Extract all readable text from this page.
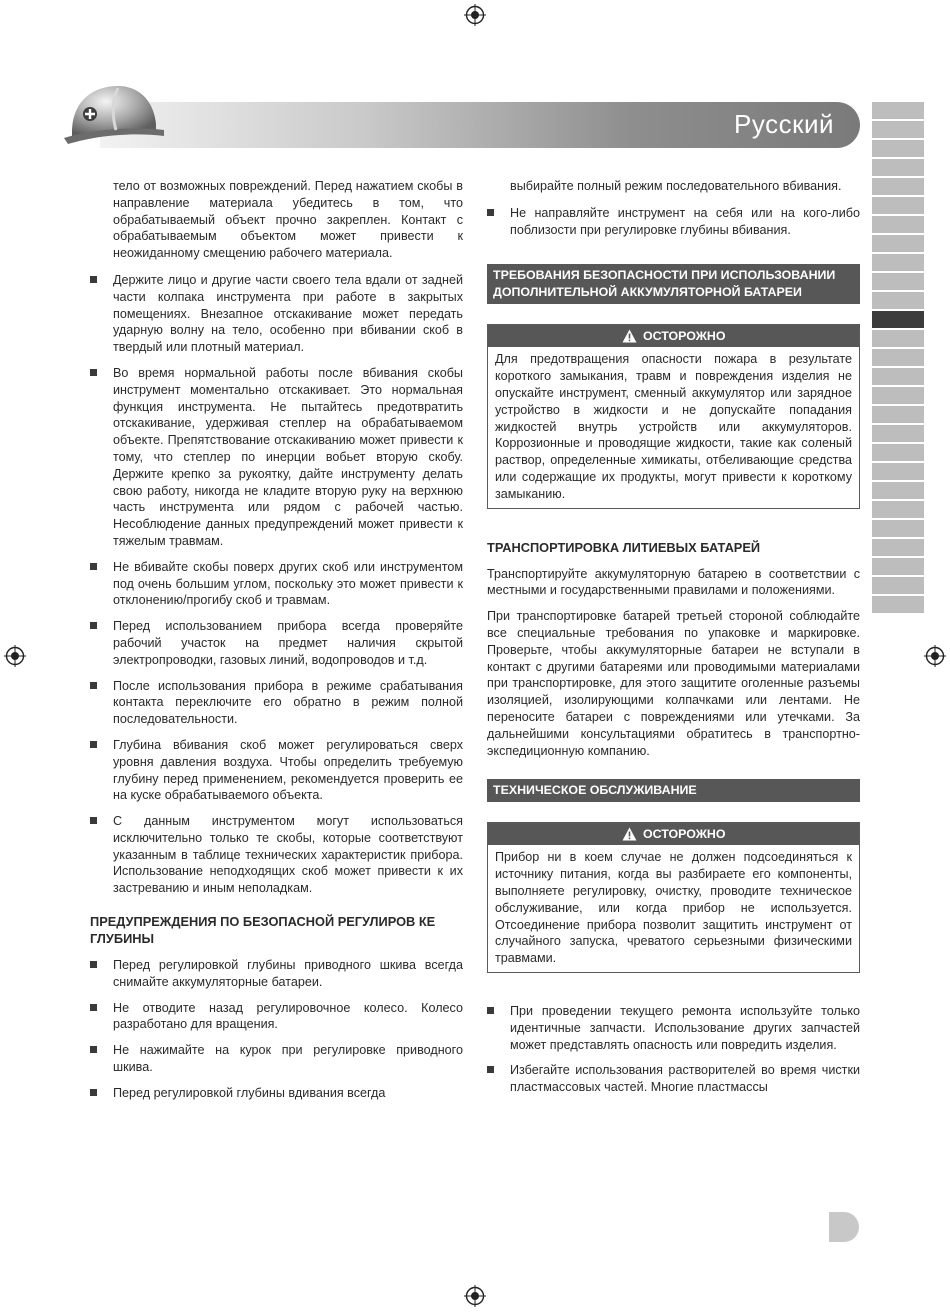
Русский

тело от возможных повреждений. Перед нажатием скобы в направление материала убедитесь в том, что обрабатываемый объект прочно закреплен. Контакт с обрабатываемым объектом может привести к неожиданному смещению рабочего материала.

Держите лицо и другие части своего тела вдали от задней части колпака инструмента при работе в закрытых помещениях. Внезапное отскакивание может передать ударную волну на тело, особенно при вбивании скоб в твердый или плотный материал.
Во время нормальной работы после вбивания скобы инструмент моментально отскакивает. Это нормальная функция инструмента. Не пытайтесь предотвратить отскакивание, удерживая степлер на обрабатываемом объекте. Препятствование отскакиванию может привести к тому, что степлер по инерции вобьет вторую скобу. Держите крепко за рукоятку, дайте инструменту делать свою работу, никогда не кладите вторую руку на верхнюю часть инструмента или рядом с рабочей частью. Несоблюдение данных предупреждений может привести к тяжелым травмам.
Не вбивайте скобы поверх других скоб или инструментом под очень большим углом, поскольку это может привести к отклонению/прогибу скоб и травмам.
Перед использованием прибора всегда проверяйте рабочий участок на предмет наличия скрытой электропроводки, газовых линий, водопроводов и т.д.
После использования прибора в режиме срабатывания контакта переключите его обратно в режим полной последовательности.
Глубина вбивания скоб может регулироваться сверх уровня давления воздуха. Чтобы определить требуемую глубину перед применением, рекомендуется проверить ее на куске обрабатываемого объекта.
С данным инструментом могут использоваться исключительно только те скобы, которые соответствуют указанным в таблице технических характеристик прибора. Использование неподходящих скоб может привести к их застреванию и иным неполадкам.
ПРЕДУПРЕЖДЕНИЯ ПО БЕЗОПАСНОЙ РЕГУЛИРОВ КЕ ГЛУБИНЫ
Перед регулировкой глубины приводного шкива всегда снимайте аккумуляторные батареи.
Не отводите назад регулировочное колесо. Колесо разработано для вращения.
Не нажимайте на курок при регулировке приводного шкива.
Перед регулировкой глубины вдивания всегда

выбирайте полный режим последовательного вбивания.

Не направляйте инструмент на себя или на кого-либо поблизости при регулировке глубины вбивания.
ТРЕБОВАНИЯ БЕЗОПАСНОСТИ ПРИ ИСПОЛЬЗОВАНИИ ДОПОЛНИТЕЛЬНОЙ АККУМУЛЯТОРНОЙ БАТАРЕИ
ОСТОРОЖНО
Для предотвращения опасности пожара в результате короткого замыкания, травм и повреждения изделия не опускайте инструмент, сменный аккумулятор или зарядное устройство в жидкости и не допускайте попадания жидкостей внутрь устройств или аккумуляторов. Коррозионные и проводящие жидкости, такие как соленый раствор, определенные химикаты, отбеливающие средства или содержащие их продукты, могут привести к короткому замыканию.
ТРАНСПОРТИРОВКА ЛИТИЕВЫХ БАТАРЕЙ

Транспортируйте аккумуляторную батарею в соответствии с местными и государственными правилами и положениями.

При транспортировке батарей третьей стороной соблюдайте все специальные требования по упаковке и маркировке. Проверьте, чтобы аккумуляторные батареи не вступали в контакт с другими батареями или проводимыми материалами при транспортировке, для этого защитите оголенные разъемы изоляцией, изолирующими колпачками или лентами. Не переносите батареи с повреждениями или утечками. За дальнейшими консультациями обратитесь в транспортно-экспедиционную компанию.

ТЕХНИЧЕСКОЕ ОБСЛУЖИВАНИЕ
ОСТОРОЖНО
Прибор ни в коем случае не должен подсоединяться к источнику питания, когда вы разбираете его компоненты, выполняете регулировку, очистку, проводите техническое обслуживание, или когда прибор не используется. Отсоединение прибора позволит защитить инструмент от случайного запуска, чреватого серьезными физическими травмами.
При проведении текущего ремонта используйте только идентичные запчасти. Использование других запчастей может представлять опасность или повредить изделия.
Избегайте использования растворителей во время чистки пластмассовых частей. Многие пластмассы
